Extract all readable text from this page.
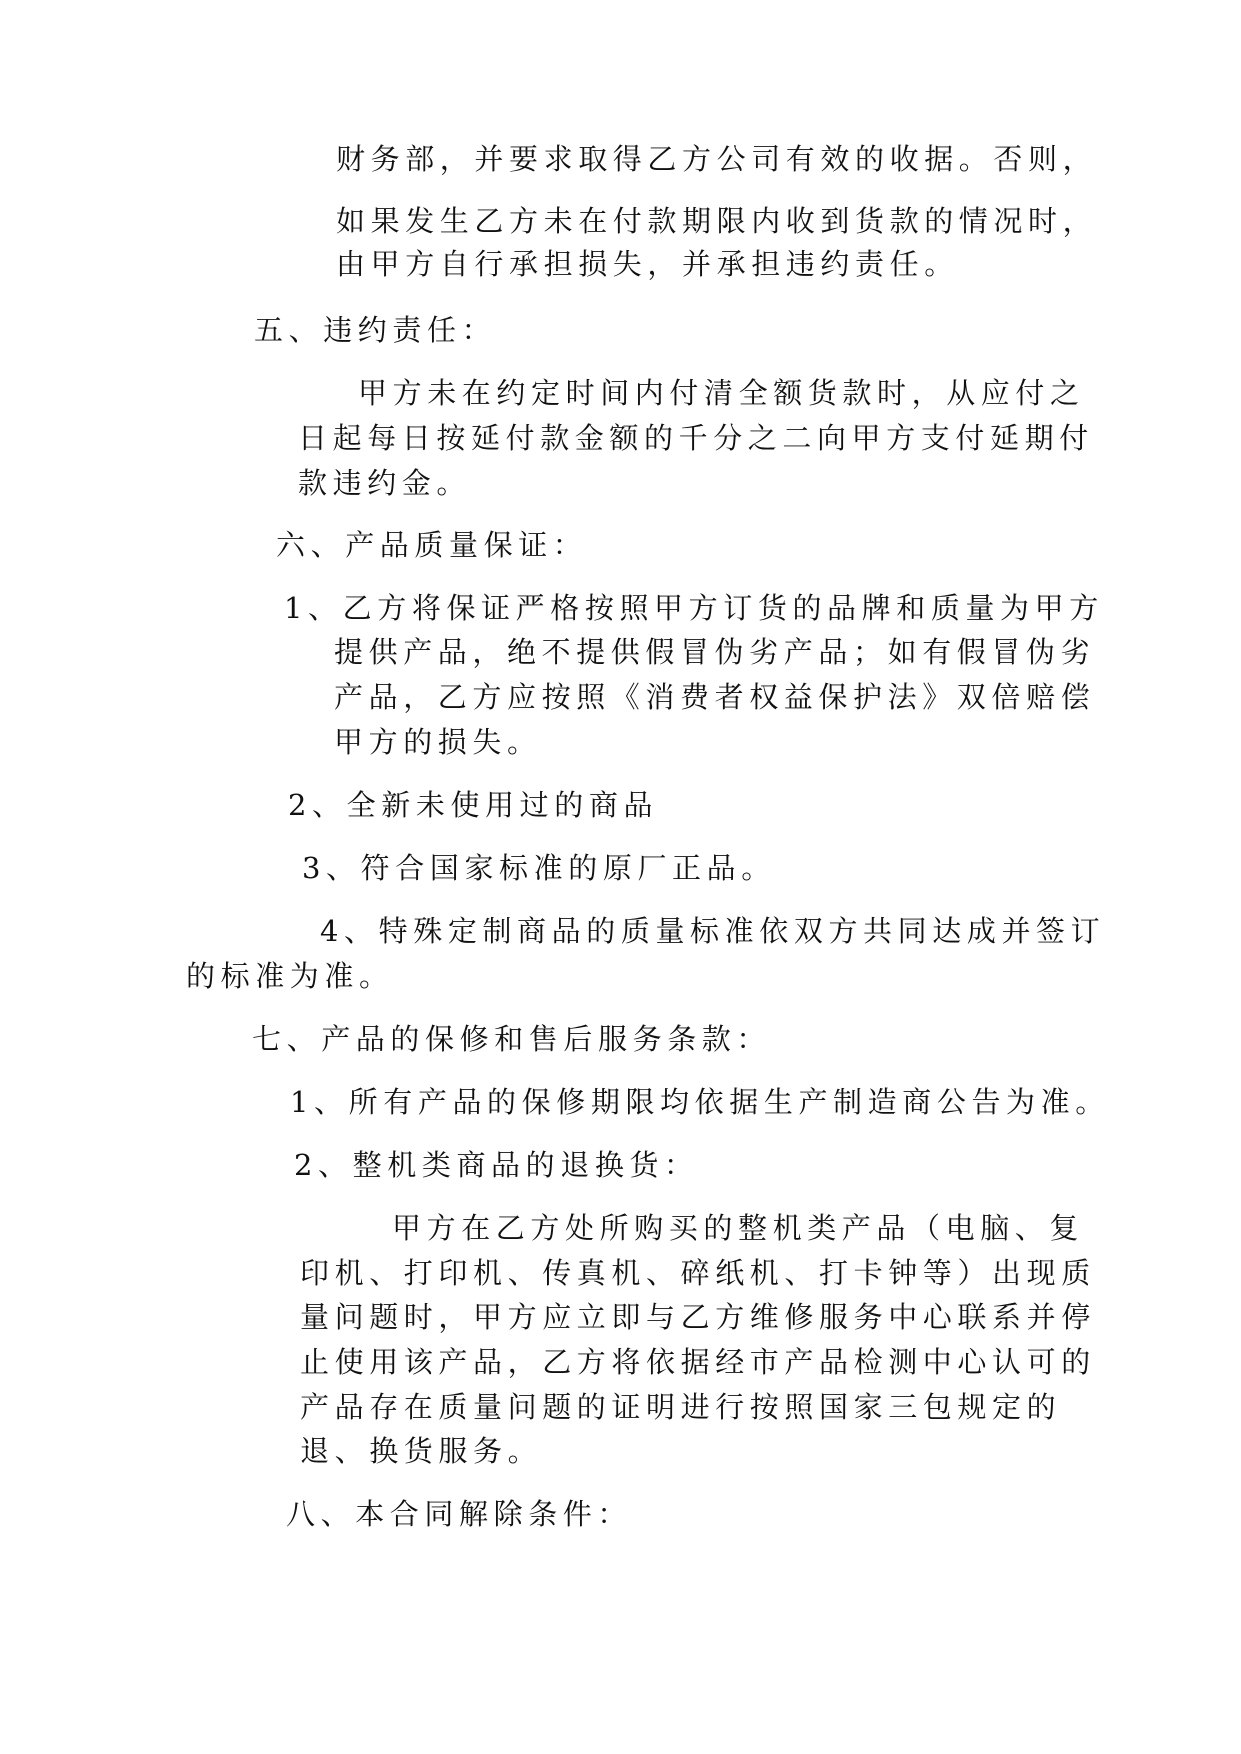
财务部，并要求取得乙方公司有效的收据。否则，
如果发生乙方未在付款期限内收到货款的情况时，
由甲方自行承担损失，并承担违约责任。
五、违约责任：
甲方未在约定时间内付清全额货款时，从应付之
日起每日按延付款金额的千分之二向甲方支付延期付
款违约金。
六、产品质量保证：
1、乙方将保证严格按照甲方订货的品牌和质量为甲方
提供产品，绝不提供假冒伪劣产品；如有假冒伪劣
产品，乙方应按照《消费者权益保护法》双倍赔偿
甲方的损失。
2、全新未使用过的商品
3、符合国家标准的原厂正品。
4、特殊定制商品的质量标准依双方共同达成并签订
的标准为准。
七、产品的保修和售后服务条款：
1、所有产品的保修期限均依据生产制造商公告为准。
2、整机类商品的退换货：
甲方在乙方处所购买的整机类产品（电脑、复
印机、打印机、传真机、碎纸机、打卡钟等）出现质
量问题时，甲方应立即与乙方维修服务中心联系并停
止使用该产品，乙方将依据经市产品检测中心认可的
产品存在质量问题的证明进行按照国家三包规定的
退、换货服务。
八、本合同解除条件：
